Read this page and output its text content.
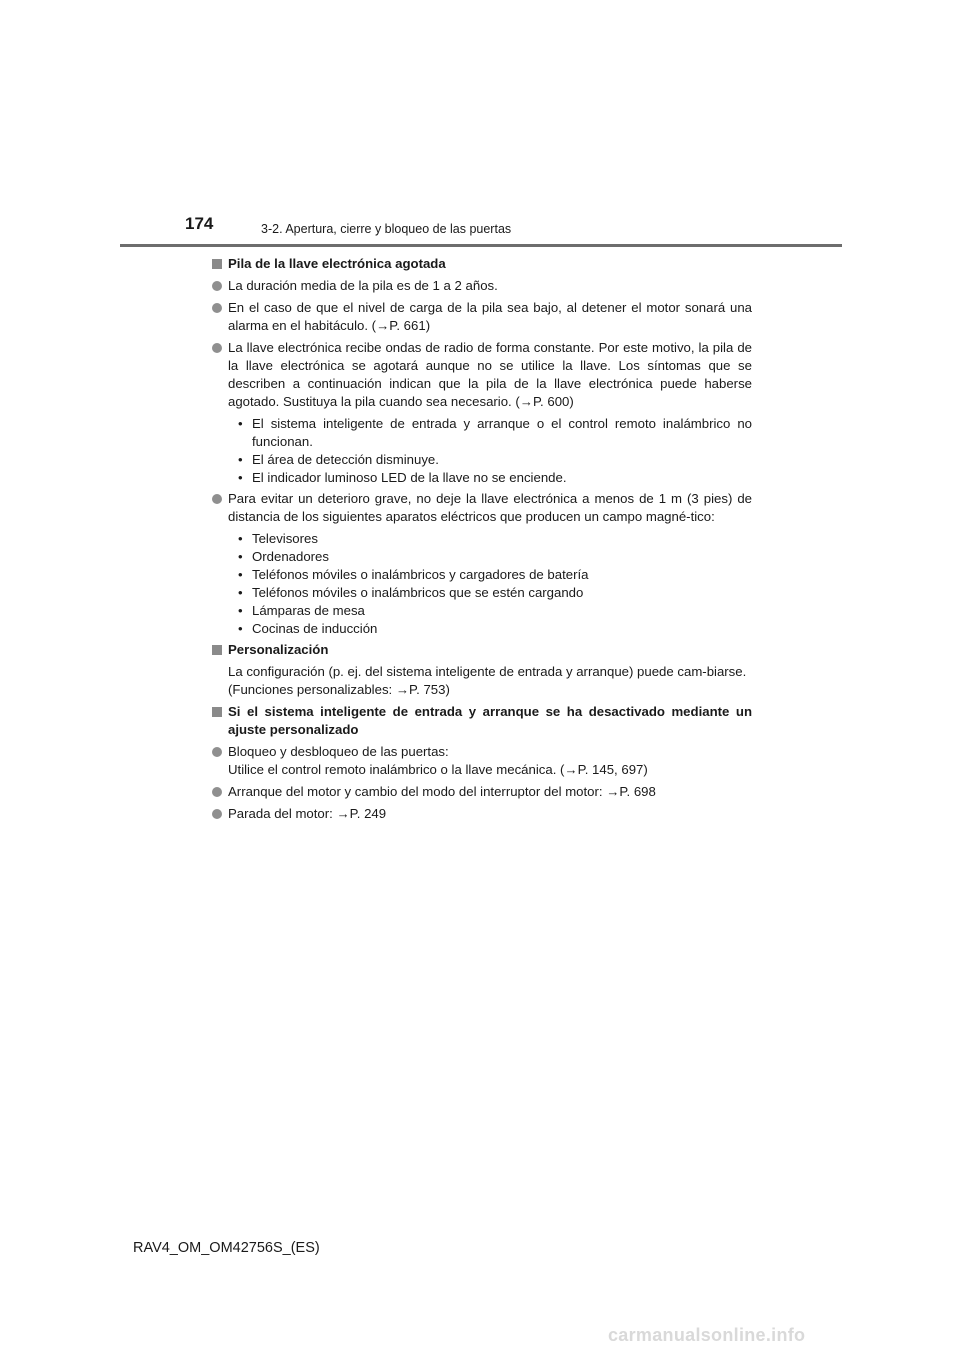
174	3-2. Apertura, cierre y bloqueo de las puertas
Pila de la llave electrónica agotada
La duración media de la pila es de 1 a 2 años.
En el caso de que el nivel de carga de la pila sea bajo, al detener el motor sonará una alarma en el habitáculo. (→P. 661)
La llave electrónica recibe ondas de radio de forma constante. Por este motivo, la pila de la llave electrónica se agotará aunque no se utilice la llave. Los síntomas que se describen a continuación indican que la pila de la llave electrónica puede haberse agotado. Sustituya la pila cuando sea necesario. (→P. 600)
• El sistema inteligente de entrada y arranque o el control remoto inalámbrico no funcionan.
• El área de detección disminuye.
• El indicador luminoso LED de la llave no se enciende.
Para evitar un deterioro grave, no deje la llave electrónica a menos de 1 m (3 pies) de distancia de los siguientes aparatos eléctricos que producen un campo magné-tico:
• Televisores
• Ordenadores
• Teléfonos móviles o inalámbricos y cargadores de batería
• Teléfonos móviles o inalámbricos que se estén cargando
• Lámparas de mesa
• Cocinas de inducción
Personalización
La configuración (p. ej. del sistema inteligente de entrada y arranque) puede cam-biarse.
(Funciones personalizables: →P. 753)
Si el sistema inteligente de entrada y arranque se ha desactivado mediante un ajuste personalizado
Bloqueo y desbloqueo de las puertas:
Utilice el control remoto inalámbrico o la llave mecánica. (→P. 145, 697)
Arranque del motor y cambio del modo del interruptor del motor: →P. 698
Parada del motor: →P. 249
RAV4_OM_OM42756S_(ES)
carmanualsonline.info
